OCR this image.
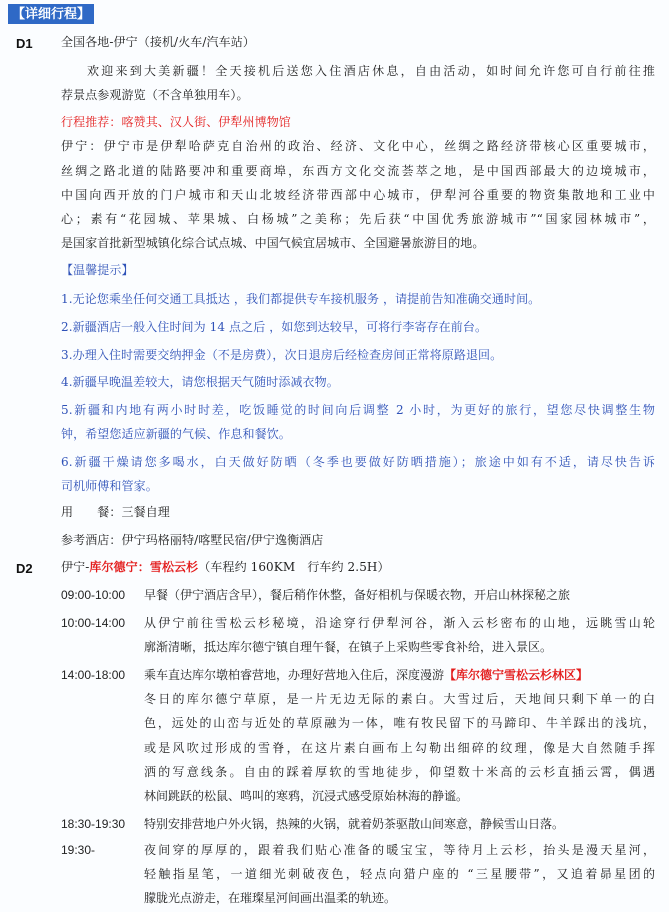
【详细行程】
D1 全国各地-伊宁（接机/火车/汽车站）
欢迎来到大美新疆！全天接机后送您入住酒店休息，自由活动，如时间允许您可自行前往推
荐景点参观游览（不含单独用车）。
行程推荐：喀赞其、汉人街、伊犁州博物馆
伊宁：伊宁市是伊犁哈萨克自治州的政治、经济、文化中心，丝绸之路经济带核心区重要城市，
丝绸之路北道的陆路要冲和重要商埠，东西方文化交流荟萃之地，是中国西部最大的边境城市，
中国向西开放的门户城市和天山北坡经济带西部中心城市，伊犁河谷重要的物资集散地和工业中
心；素有“花园城、苹果城、白杨城”之美称；先后获“中国优秀旅游城市”“国家园林城市”，
是国家首批新型城镇化综合试点城、中国气候宜居城市、全国避暑旅游目的地。
【温馨提示】
1.无论您乘坐任何交通工具抵达 ，我们都提供专车接机服务 ，请提前告知准确交通时间。
2.新疆酒店一般入住时间为 14 点之后 ，如您到达较早，可将行李寄存在前台。
3.办理入住时需要交纳押金（不是房费），次日退房后经检查房间正常将原路退回。
4.新疆早晚温差较大，请您根据天气随时添减衣物。
5.新疆和内地有两小时时差，吃饭睡觉的时间向后调整 2 小时，为更好的旅行，望您尽快调整生物
钟，希望您适应新疆的气候、作息和餐饮。
6.新疆干燥请您多喝水，白天做好防晒（冬季也要做好防晒措施）；旅途中如有不适，请尽快告诉
司机师傅和管家。
用　　餐：三餐自理
参考酒店：伊宁玛格丽特/喀墅民宿/伊宁逸衡酒店
D2 伊宁-库尔德宁：雪松云杉（车程约 160KM　行车约 2.5H）
09:00-10:00 早餐（伊宁酒店含早），餐后稍作休整，备好相机与保暖衣物，开启山林探秘之旅
10:00-14:00 从伊宁前往雪松云杉秘境，沿途穿行伊犁河谷，渐入云杉密布的山地，远眺雪山轮
廓渐清晰，抵达库尔德宁镇自理午餐，在镇子上采购些零食补给，进入景区。
14:00-18:00 乘车直达库尔墩柏睿营地，办理好营地入住后，深度漫游【库尔德宁雪松云杉林区】
冬日的库尔德宁草原，是一片无边无际的素白。大雪过后，天地间只剩下单一的白
色，远处的山峦与近处的草原融为一体，唯有牧民留下的马蹄印、牛羊踩出的浅坑，
或是风吹过形成的雪脊，在这片素白画布上勾勒出细碎的纹理，像是大自然随手挥
洒的写意线条。自由的踩着厚软的雪地徒步，仰望数十米高的云杉直插云霄，偶遇
林间跳跃的松鼠、鸣叫的寒鸦，沉浸式感受原始林海的静谧。
18:30-19:30 特别安排营地户外火锅，热辣的火锅，就着奶茶驱散山间寒意，静候雪山日落。
19:30-	夜间穿的厚厚的，跟着我们贴心准备的暖宝宝，等待月上云杉，抬头是漫天星河，
轻触指星笔，一道细光刺破夜色，轻点向猎户座的 “三星腰带”，又追着昴星团的
朦胧光点游走，在璀璨星河间画出温柔的轨迹。
